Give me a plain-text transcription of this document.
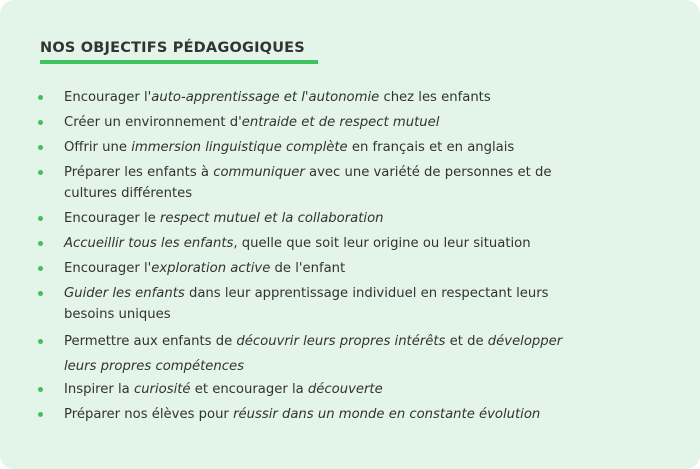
NOS OBJECTIFS PÉDAGOGIQUES
Encourager l'auto-apprentissage et l'autonomie chez les enfants
Créer un environnement d'entraide et de respect mutuel
Offrir une immersion linguistique complète en français et en anglais
Préparer les enfants à communiquer avec une variété de personnes et de cultures différentes
Encourager le respect mutuel et la collaboration
Accueillir tous les enfants, quelle que soit leur origine ou leur situation
Encourager l'exploration active de l'enfant
Guider les enfants dans leur apprentissage individuel en respectant leurs besoins uniques
Permettre aux enfants de découvrir leurs propres intérêts et de développer leurs propres compétences
Inspirer la curiosité et encourager la découverte
Préparer nos élèves pour réussir dans un monde en constante évolution
